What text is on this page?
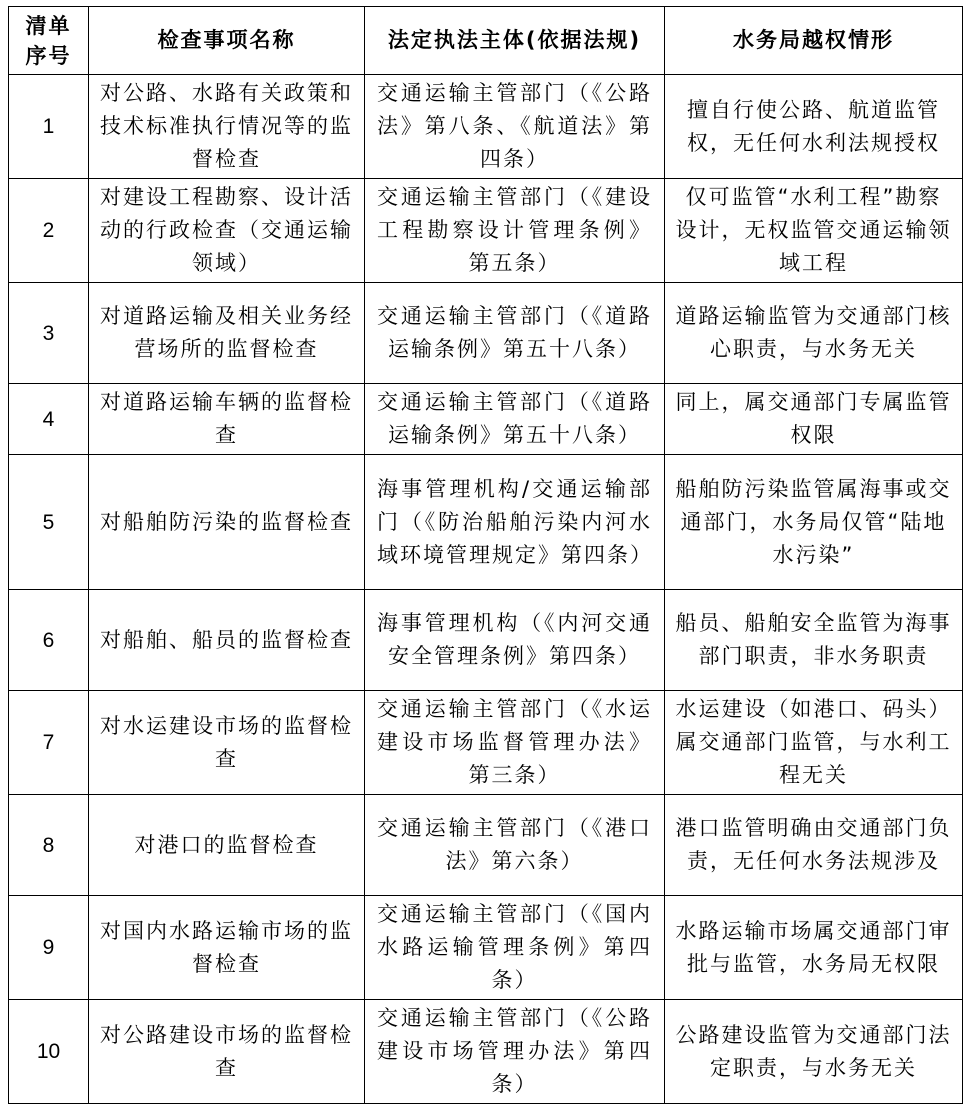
清单
序号	检查事项名称	法定执法主体(依据法规)	水务局越权情形
1	对公路、水路有关政策和技术标准执行情况等的监督检查	交通运输主管部门（《公路法》第八条、《航道法》第四条）	擅自行使公路、航道监管权，无任何水利法规授权
2	对建设工程勘察、设计活动的行政检查（交通运输领域）	交通运输主管部门（《建设工程勘察设计管理条例》第五条）	仅可监管“水利工程”勘察设计，无权监管交通运输领域工程
3	对道路运输及相关业务经营场所的监督检查	交通运输主管部门（《道路运输条例》第五十八条）	道路运输监管为交通部门核心职责，与水务无关
4	对道路运输车辆的监督检查	交通运输主管部门（《道路运输条例》第五十八条）	同上，属交通部门专属监管权限
5	对船舶防污染的监督检查	海事管理机构/交通运输部门（《防治船舶污染内河水域环境管理规定》第四条）	船舶防污染监管属海事或交通部门，水务局仅管“陆地水污染”
6	对船舶、船员的监督检查	海事管理机构（《内河交通安全管理条例》第四条）	船员、船舶安全监管为海事部门职责，非水务职责
7	对水运建设市场的监督检查	交通运输主管部门（《水运建设市场监督管理办法》第三条）	水运建设（如港口、码头）属交通部门监管，与水利工程无关
8	对港口的监督检查	交通运输主管部门（《港口法》第六条）	港口监管明确由交通部门负责，无任何水务法规涉及
9	对国内水路运输市场的监督检查	交通运输主管部门（《国内水路运输管理条例》第四条）	水路运输市场属交通部门审批与监管，水务局无权限
10	对公路建设市场的监督检查	交通运输主管部门（《公路建设市场管理办法》第四条）	公路建设监管为交通部门法定职责，与水务无关
